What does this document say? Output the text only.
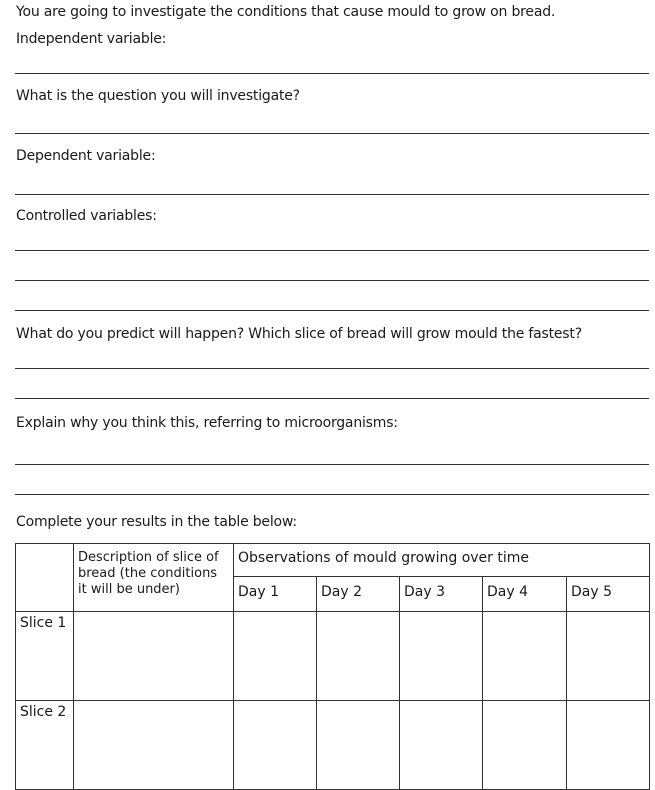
You are going to investigate the conditions that cause mould to grow on bread.
Independent variable:
What is the question you will investigate?
Dependent variable:
Controlled variables:
What do you predict will happen? Which slice of bread will grow mould the fastest?
Explain why you think this, referring to microorganisms:
Complete your results in the table below:
	Description of slice of bread (the conditions it will be under)	Observations of mould growing over time				
		Day 1	Day 2	Day 3	Day 4	Day 5
Slice 1						
Slice 2						
